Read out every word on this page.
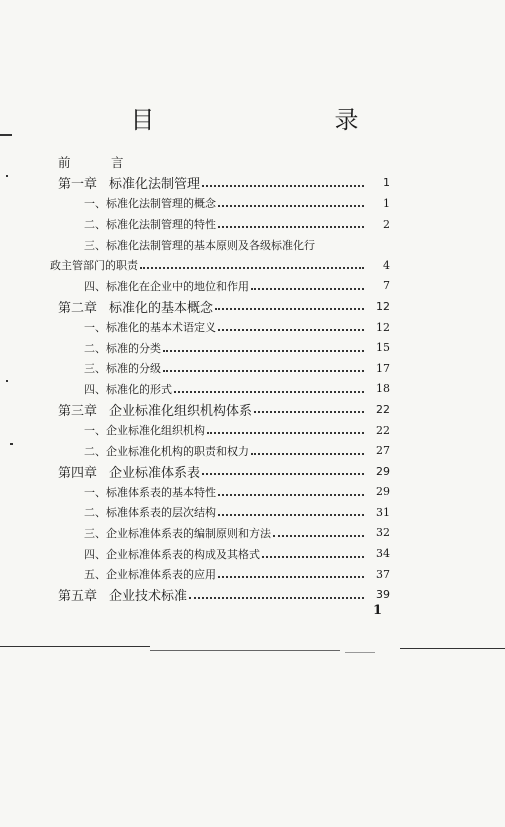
目　　录
前　言
第一章 标准化法制管理	1
一、标准化法制管理的概念	1
二、标准化法制管理的特性	2
三、标准化法制管理的基本原则及各级标准化行
政主管部门的职责	4
四、标准化在企业中的地位和作用	7
第二章 标准化的基本概念	12
一、标准化的基本术语定义	12
二、标准的分类	15
三、标准的分级	17
四、标准化的形式	18
第三章 企业标准化组织机构体系	22
一、企业标准化组织机构	22
二、企业标准化机构的职责和权力	27
第四章 企业标准体系表	29
一、标准体系表的基本特性	29
二、标准体系表的层次结构	31
三、企业标准体系表的编制原则和方法	32
四、企业标准体系表的构成及其格式	34
五、企业标准体系表的应用	37
第五章 企业技术标准	39
1
